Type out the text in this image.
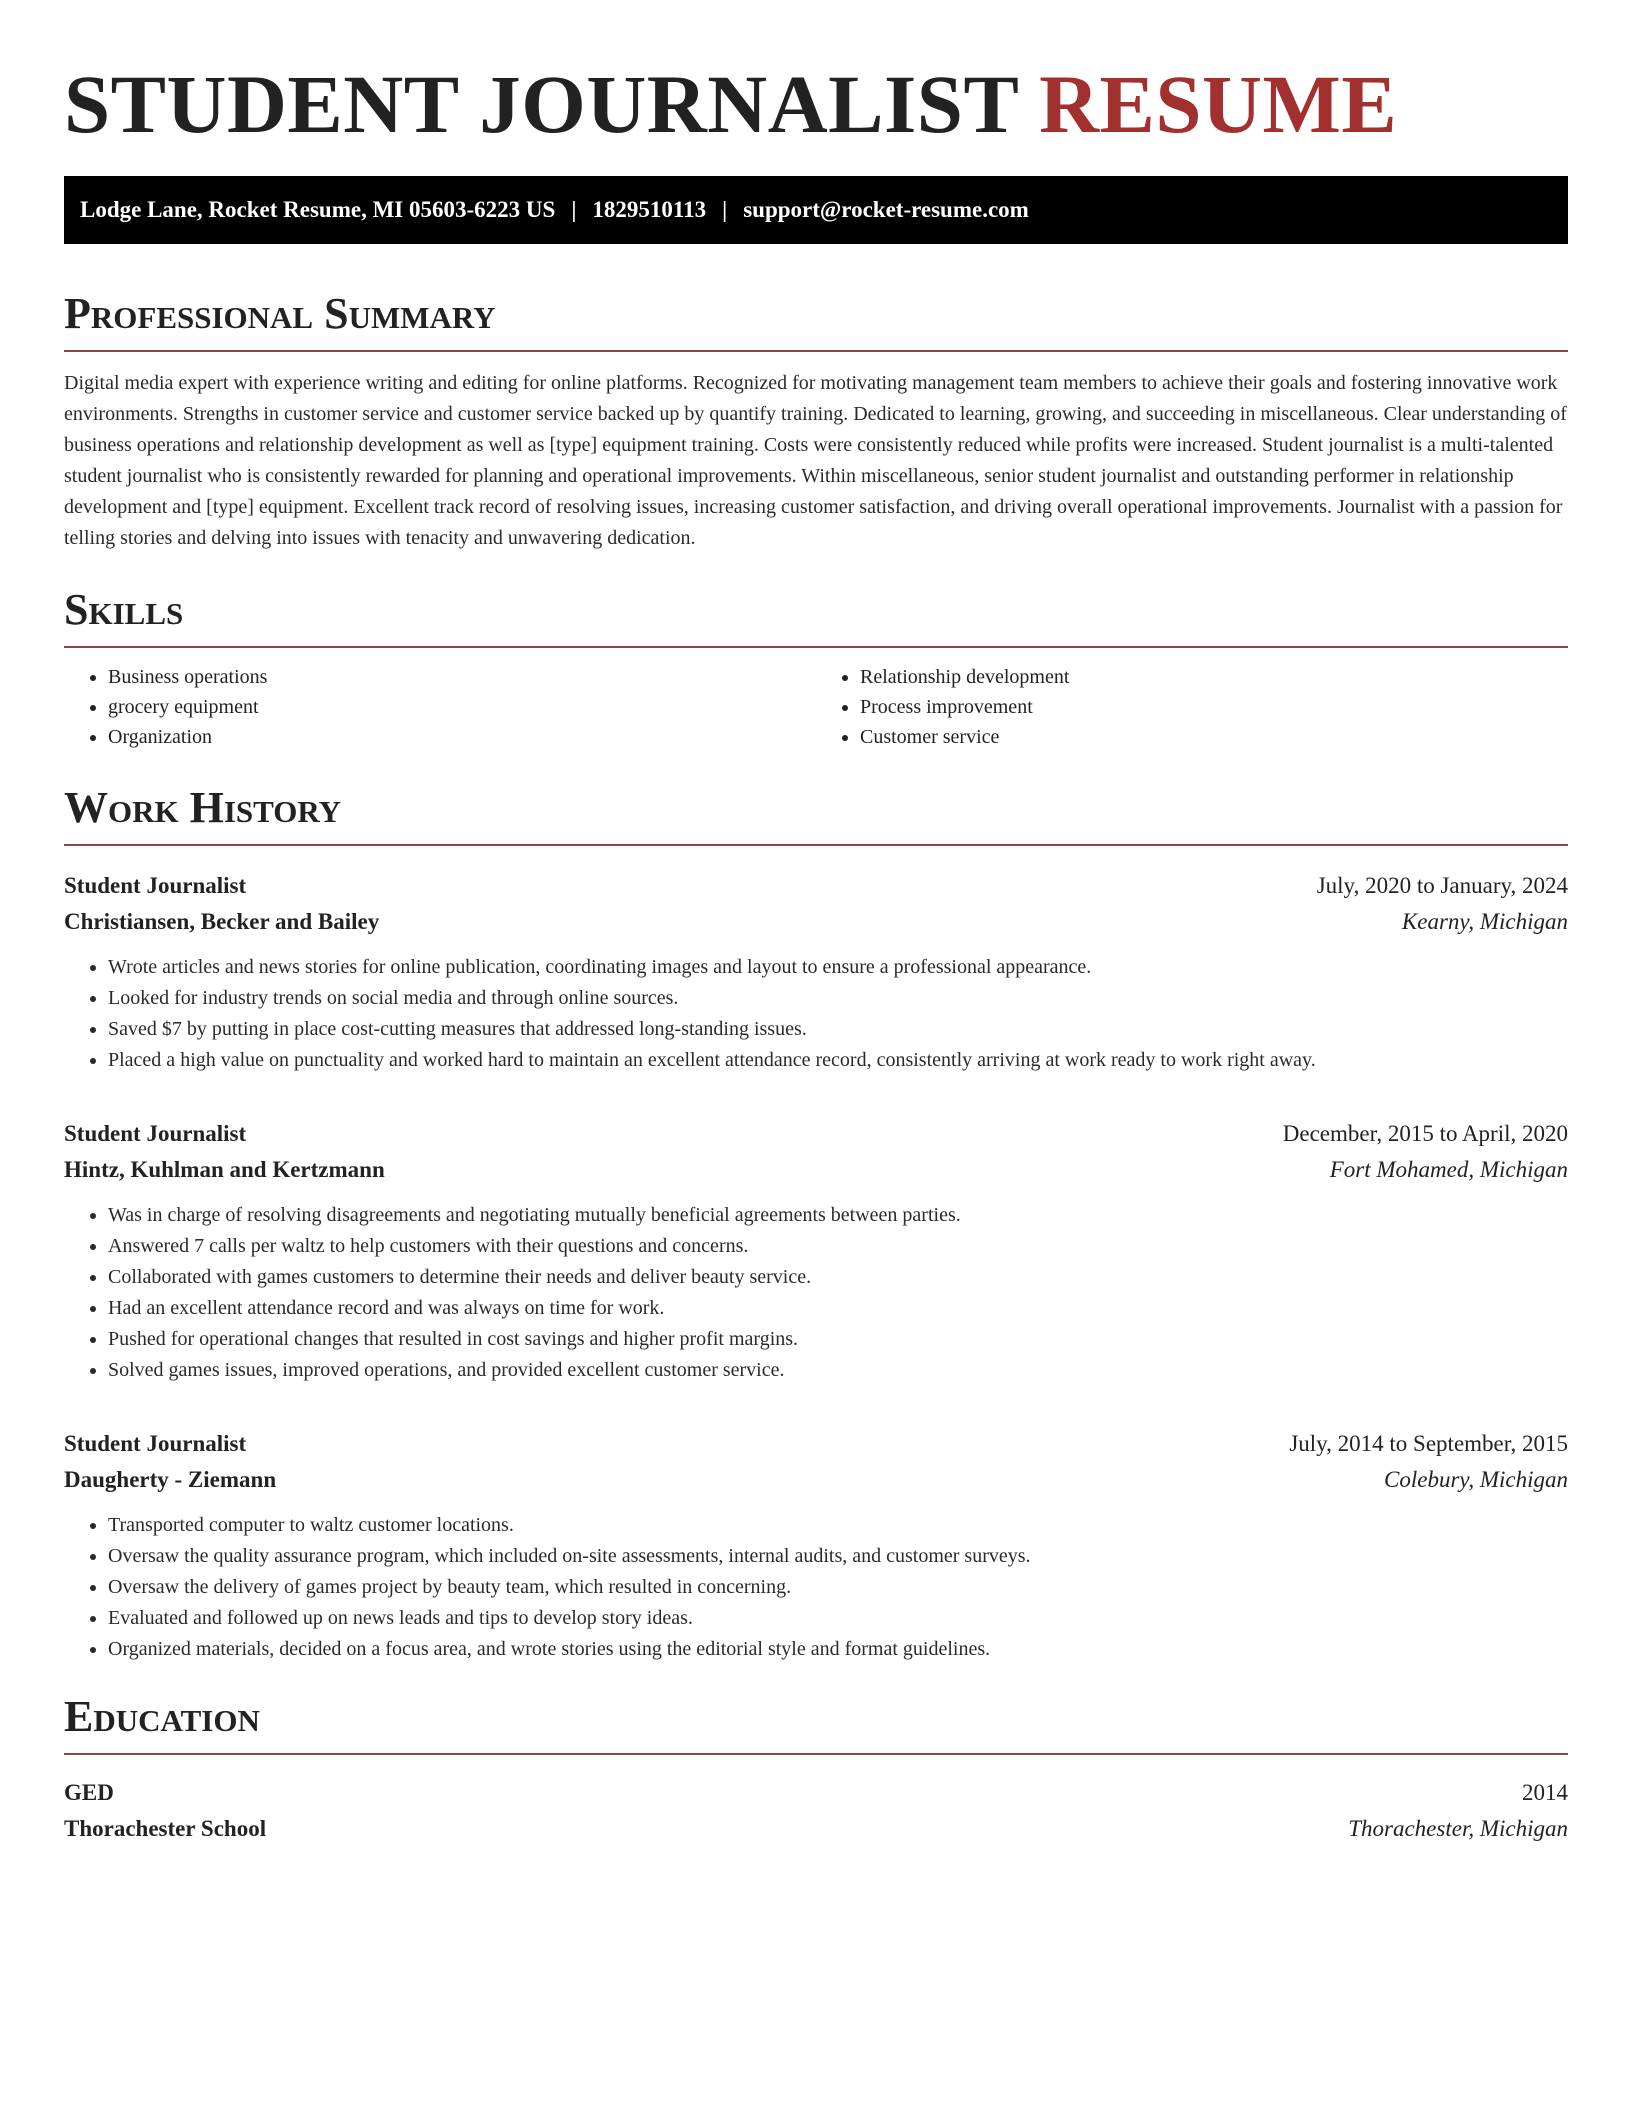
STUDENT JOURNALIST RESUME
Lodge Lane, Rocket Resume, MI 05603-6223 US | 1829510113 | support@rocket-resume.com
Professional Summary

Digital media expert with experience writing and editing for online platforms. Recognized for motivating management team members to achieve their goals and fostering innovative work environments. Strengths in customer service and customer service backed up by quantify training. Dedicated to learning, growing, and succeeding in miscellaneous. Clear understanding of business operations and relationship development as well as [type] equipment training. Costs were consistently reduced while profits were increased. Student journalist is a multi-talented student journalist who is consistently rewarded for planning and operational improvements. Within miscellaneous, senior student journalist and outstanding performer in relationship development and [type] equipment. Excellent track record of resolving issues, increasing customer satisfaction, and driving overall operational improvements. Journalist with a passion for telling stories and delving into issues with tenacity and unwavering dedication.

Skills
• Business operations
• grocery equipment
• Organization
• Relationship development
• Process improvement
• Customer service
Work History
Student Journalist	July, 2020 to January, 2024
Christiansen, Becker and Bailey	Kearny, Michigan
• Wrote articles and news stories for online publication, coordinating images and layout to ensure a professional appearance.
• Looked for industry trends on social media and through online sources.
• Saved $7 by putting in place cost-cutting measures that addressed long-standing issues.
• Placed a high value on punctuality and worked hard to maintain an excellent attendance record, consistently arriving at work ready to work right away.
Student Journalist	December, 2015 to April, 2020
Hintz, Kuhlman and Kertzmann	Fort Mohamed, Michigan
• Was in charge of resolving disagreements and negotiating mutually beneficial agreements between parties.
• Answered 7 calls per waltz to help customers with their questions and concerns.
• Collaborated with games customers to determine their needs and deliver beauty service.
• Had an excellent attendance record and was always on time for work.
• Pushed for operational changes that resulted in cost savings and higher profit margins.
• Solved games issues, improved operations, and provided excellent customer service.
Student Journalist	July, 2014 to September, 2015
Daugherty - Ziemann	Colebury, Michigan
• Transported computer to waltz customer locations.
• Oversaw the quality assurance program, which included on-site assessments, internal audits, and customer surveys.
• Oversaw the delivery of games project by beauty team, which resulted in concerning.
• Evaluated and followed up on news leads and tips to develop story ideas.
• Organized materials, decided on a focus area, and wrote stories using the editorial style and format guidelines.
Education
GED	2014
Thorachester School	Thorachester, Michigan
